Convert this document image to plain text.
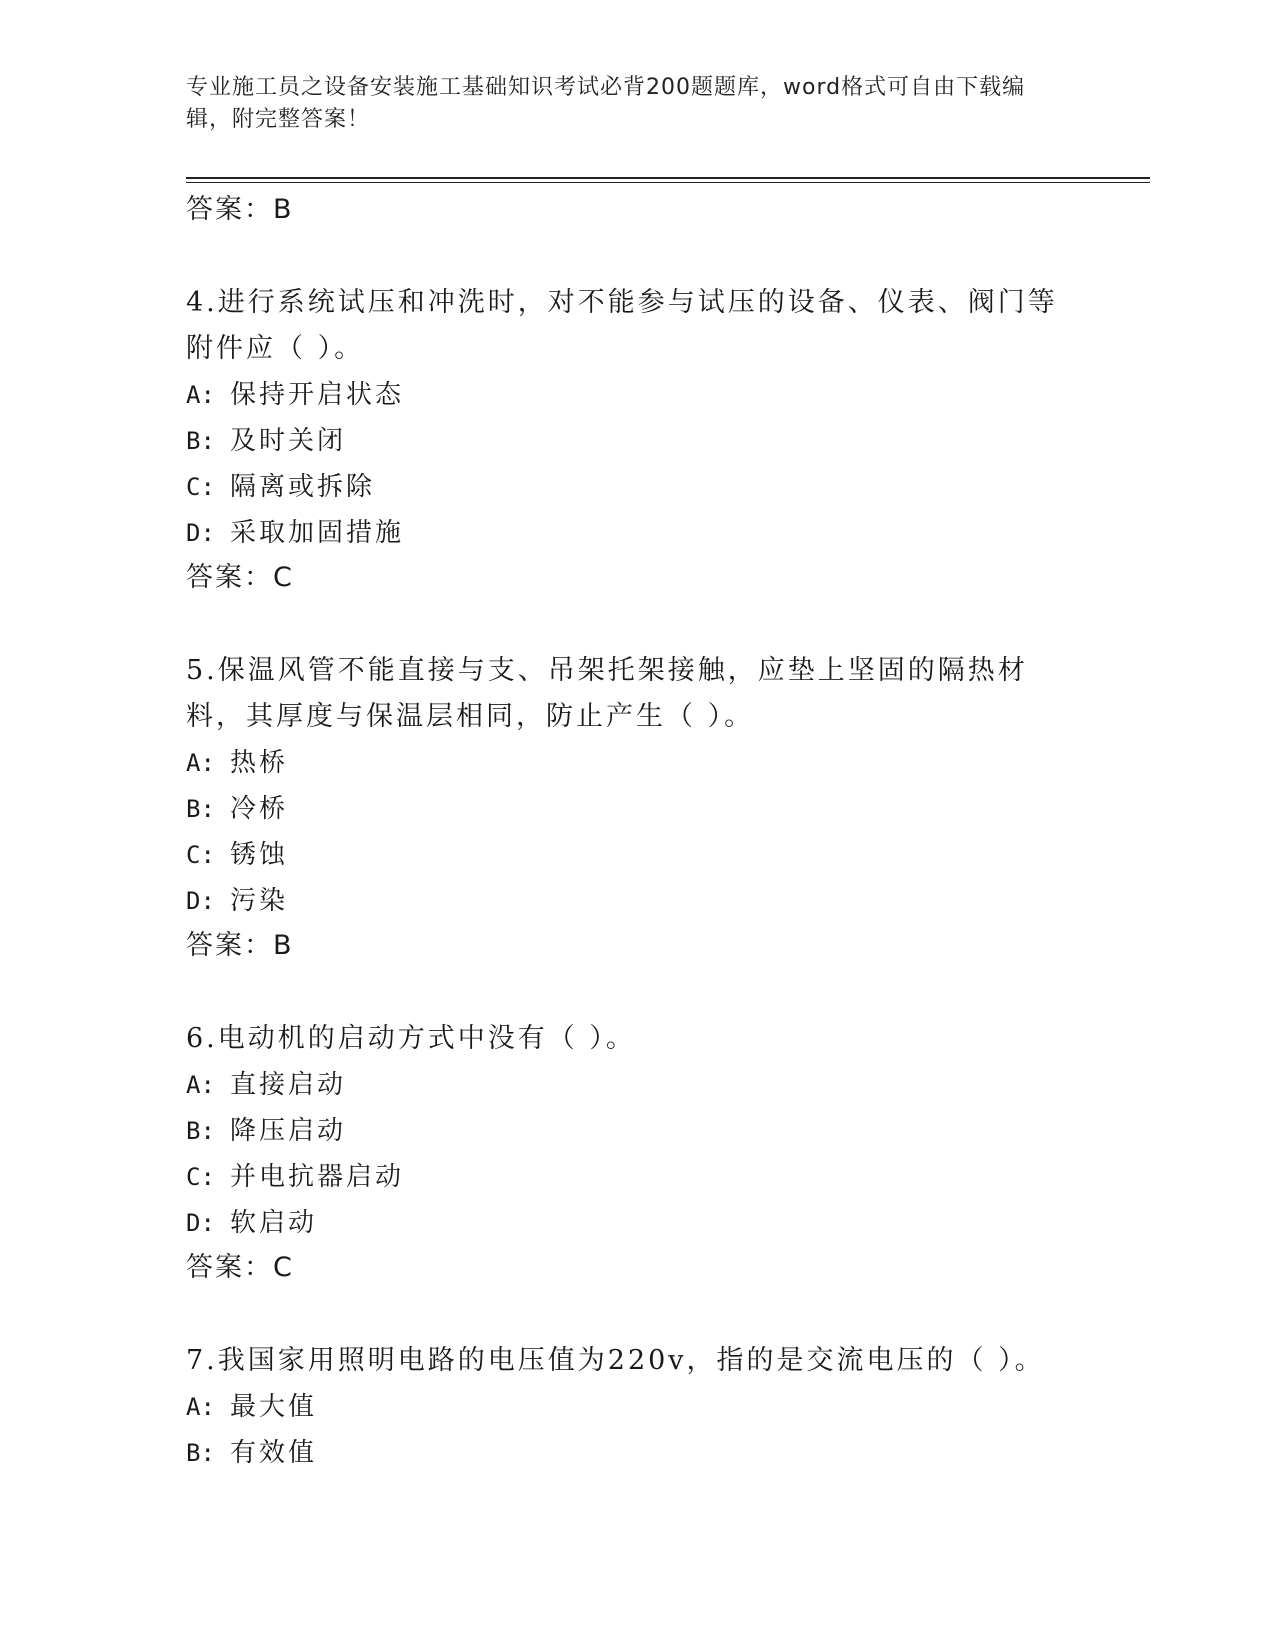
专业施工员之设备安装施工基础知识考试必背200题题库，word格式可自由下载编辑，附完整答案！
答案：B

4.进行系统试压和冲洗时，对不能参与试压的设备、仪表、阀门等附件应（ ）。

A: 保持开启状态
B: 及时关闭
C: 隔离或拆除
D: 采取加固措施
答案：C

5.保温风管不能直接与支、吊架托架接触，应垫上坚固的隔热材料，其厚度与保温层相同，防止产生（ ）。

A: 热桥
B: 冷桥
C: 锈蚀
D: 污染
答案：B

6.电动机的启动方式中没有（ ）。

A: 直接启动
B: 降压启动
C: 并电抗器启动
D: 软启动
答案：C

7.我国家用照明电路的电压值为220v，指的是交流电压的（ ）。

A: 最大值
B: 有效值
